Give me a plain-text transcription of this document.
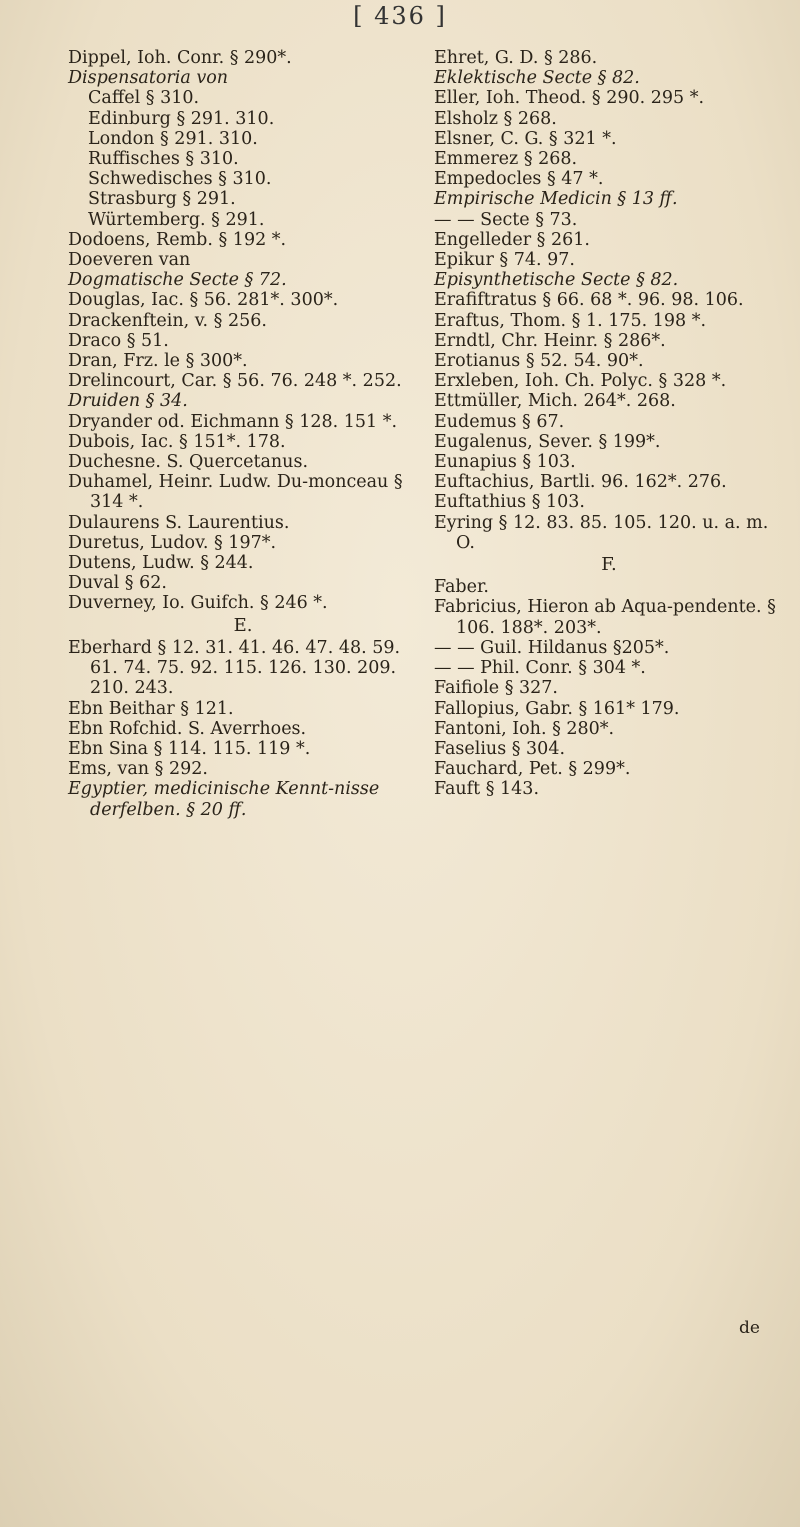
[ 436 ]

Dippel, Ioh. Conr. § 290*.

Dispensatoria von

Caffel § 310.

Edinburg § 291. 310.

London § 291. 310.

Ruffisches § 310.

Schwedisches § 310.

Strasburg § 291.

Würtemberg. § 291.

Dodoens, Remb. § 192 *.

Doeveren van

Dogmatische Secte § 72.

Douglas, Iac. § 56. 281*. 300*.

Drackenftein, v. § 256.

Draco § 51.

Dran, Frz. le § 300*.

Drelincourt, Car. § 56. 76. 248 *. 252.

Druiden § 34.

Dryander od. Eichmann § 128. 151 *.

Dubois, Iac. § 151*. 178.

Duchesne. S. Quercetanus.

Duhamel, Heinr. Ludw. Du-monceau § 314 *.

Dulaurens S. Laurentius.

Duretus, Ludov. § 197*.

Dutens, Ludw. § 244.

Duval § 62.

Duverney, Io. Guifch. § 246 *.

E.

Eberhard § 12. 31. 41. 46. 47. 48. 59. 61. 74. 75. 92. 115. 126. 130. 209. 210. 243.

Ebn Beithar § 121.

Ebn Rofchid. S. Averrhoes.

Ebn Sina § 114. 115. 119 *.

Ems, van § 292.

Egyptier, medicinische Kennt-nisse derfelben. § 20 ff.

Ehret, G. D. § 286.

Eklektische Secte § 82.

Eller, Ioh. Theod. § 290. 295 *.

Elsholz § 268.

Elsner, C. G. § 321 *.

Emmerez § 268.

Empedocles § 47 *.

Empirische Medicin § 13 ff.

— — Secte § 73.

Engelleder § 261.

Epikur § 74. 97.

Episynthetische Secte § 82.

Erafiftratus § 66. 68 *. 96. 98. 106.

Eraftus, Thom. § 1. 175. 198 *.

Erndtl, Chr. Heinr. § 286*.

Erotianus § 52. 54. 90*.

Erxleben, Ioh. Ch. Polyc. § 328 *.

Ettmüller, Mich. 264*. 268.

Eudemus § 67.

Eugalenus, Sever. § 199*.

Eunapius § 103.

Euftachius, Bartli. 96. 162*. 276.

Euftathius § 103.

Eyring § 12. 83. 85. 105. 120. u. a. m. O.

F.

Faber.

Fabricius, Hieron ab Aqua-pendente. § 106. 188*. 203*.

— — Guil. Hildanus §205*.

— — Phil. Conr. § 304 *.

Faifiole § 327.

Fallopius, Gabr. § 161* 179.

Fantoni, Ioh. § 280*.

Faselius § 304.

Fauchard, Pet. § 299*.

Fauft § 143.

de
